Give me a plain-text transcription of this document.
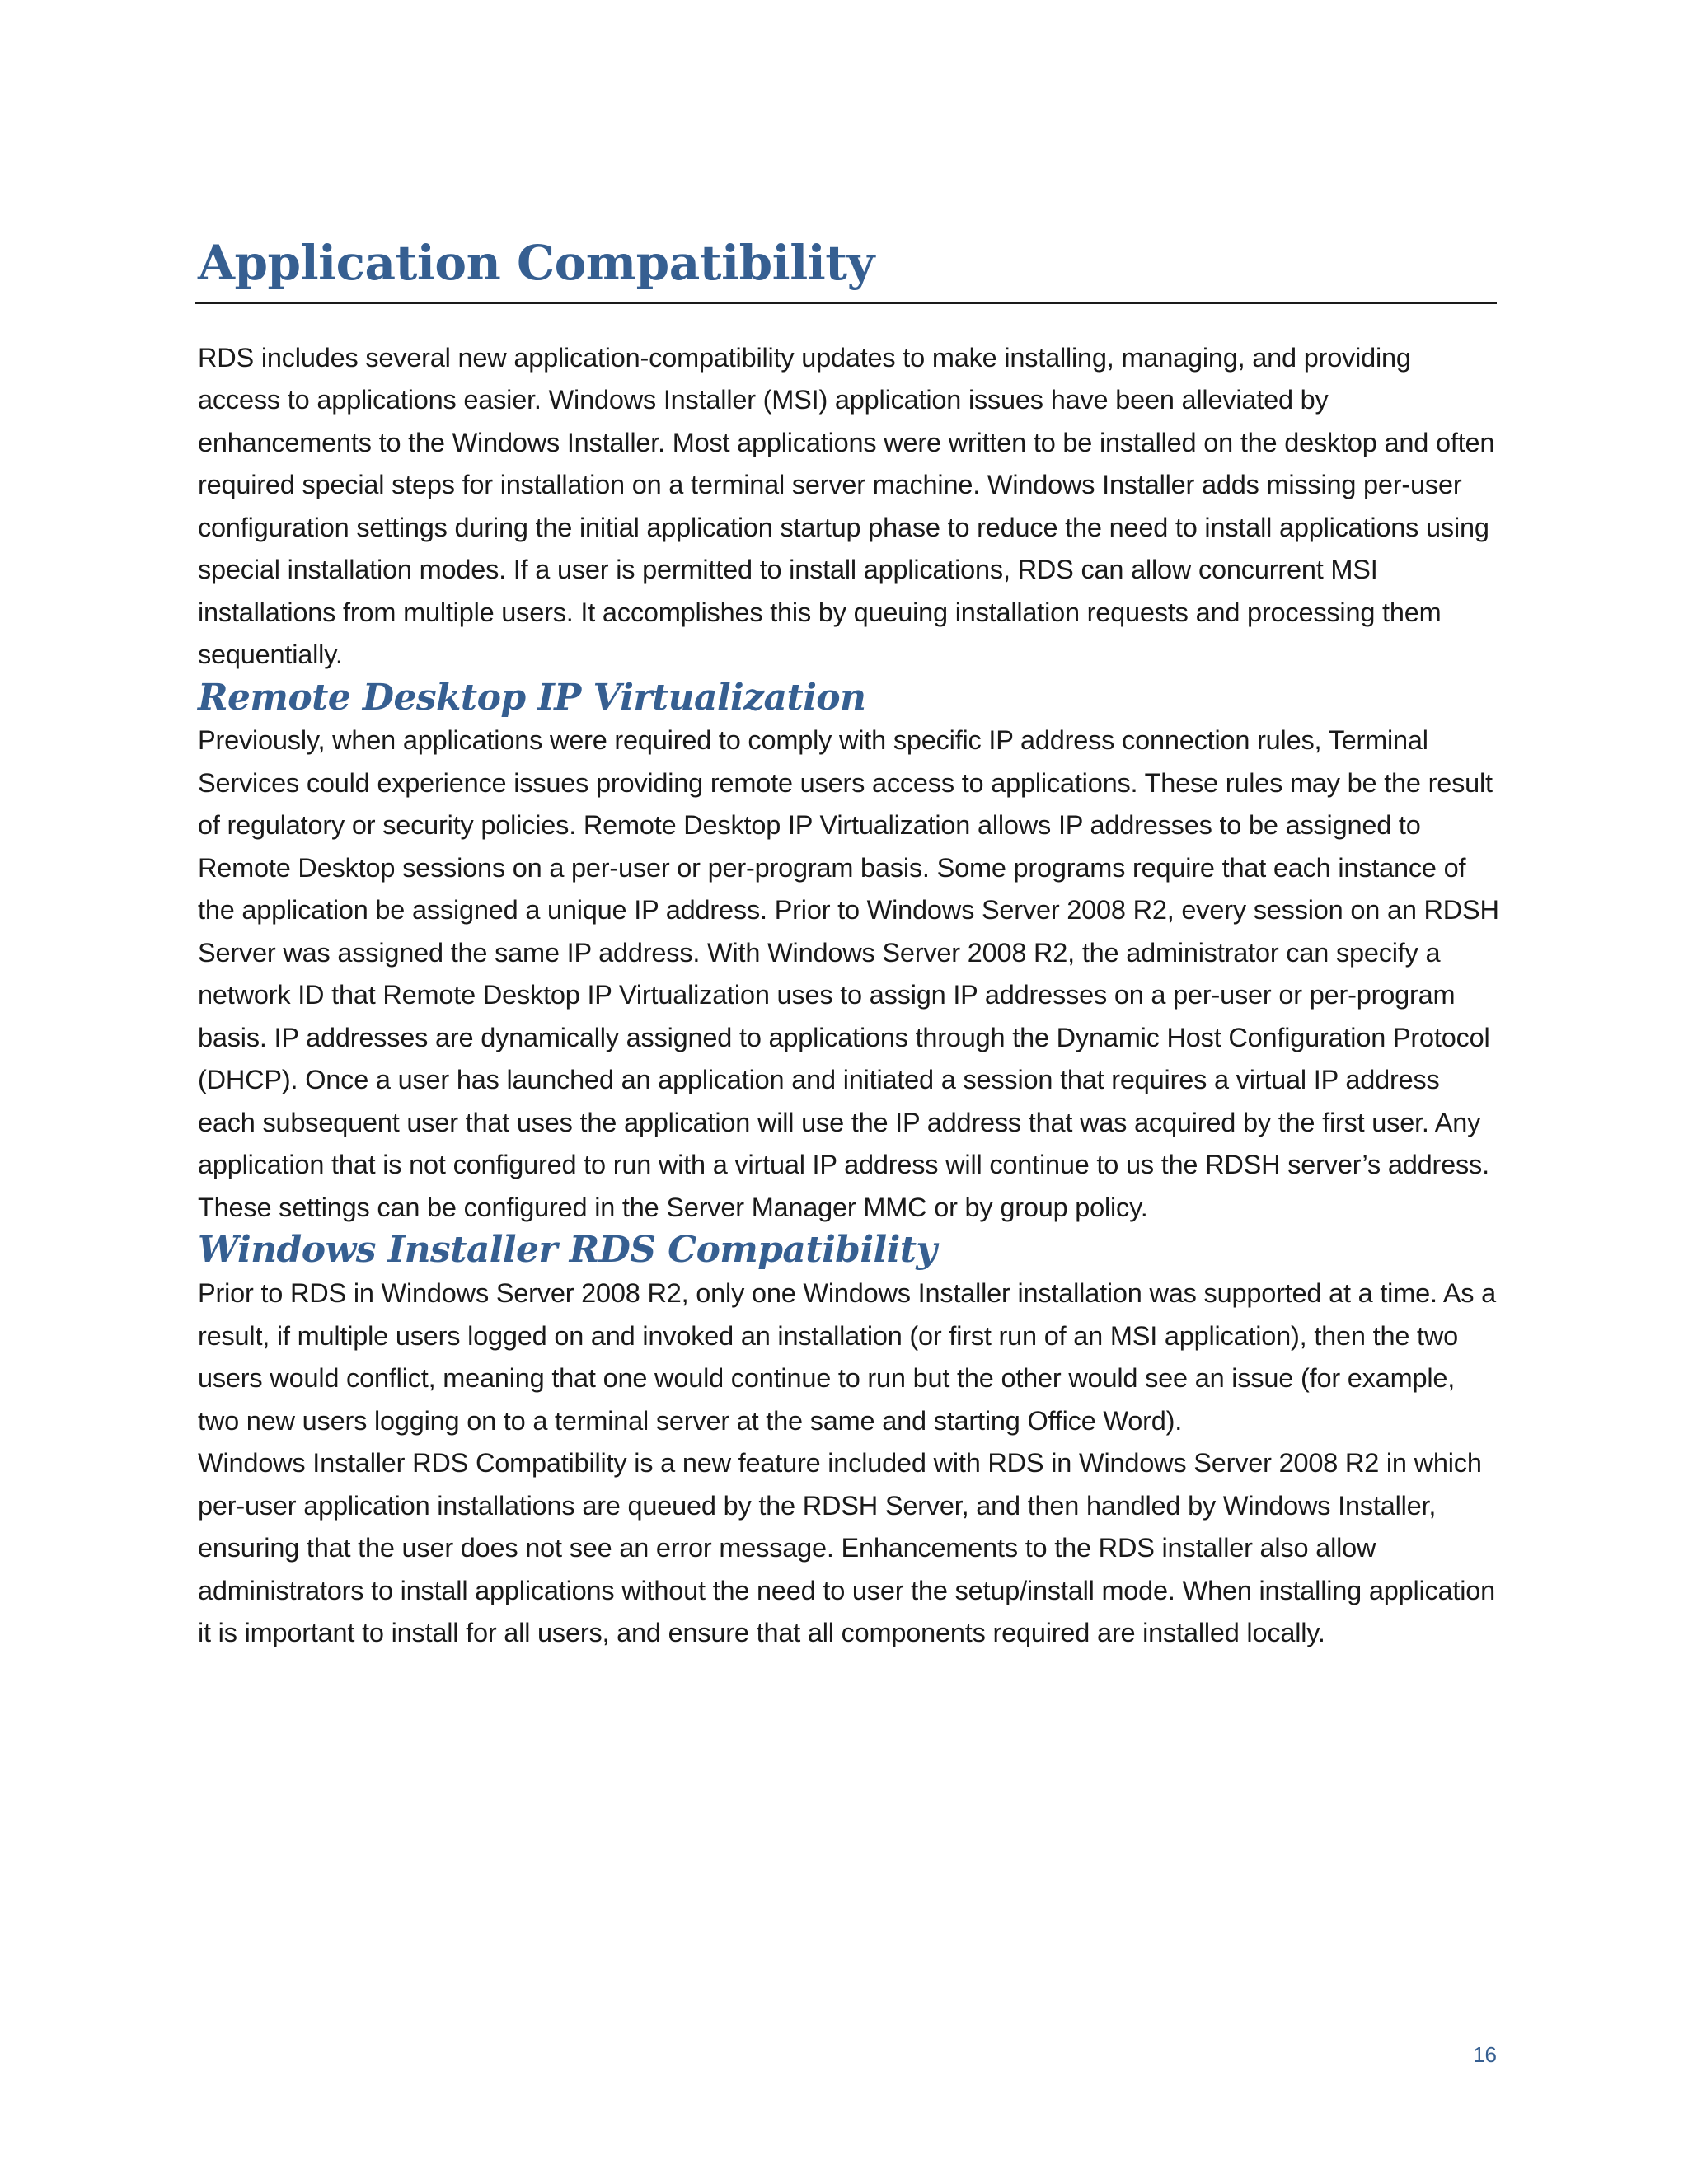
Application Compatibility

RDS includes several new application-compatibility updates to make installing, managing, and providing access to applications easier. Windows Installer (MSI) application issues have been alleviated by enhancements to the Windows Installer. Most applications were written to be installed on the desktop and often required special steps for installation on a terminal server machine. Windows Installer adds missing per-user configuration settings during the initial application startup phase to reduce the need to install applications using special installation modes. If a user is permitted to install applications, RDS can allow concurrent MSI installations from multiple users. It accomplishes this by queuing installation requests and processing them sequentially.

Remote Desktop IP Virtualization

Previously, when applications were required to comply with specific IP address connection rules, Terminal Services could experience issues providing remote users access to applications. These rules may be the result of regulatory or security policies. Remote Desktop IP Virtualization allows IP addresses to be assigned to Remote Desktop sessions on a per-user or per-program basis. Some programs require that each instance of the application be assigned a unique IP address. Prior to Windows Server 2008 R2, every session on an RDSH Server was assigned the same IP address. With Windows Server 2008 R2, the administrator can specify a network ID that Remote Desktop IP Virtualization uses to assign IP addresses on a per-user or per-program basis. IP addresses are dynamically assigned to applications through the Dynamic Host Configuration Protocol (DHCP). Once a user has launched an application and initiated a session that requires a virtual IP address each subsequent user that uses the application will use the IP address that was acquired by the first user. Any application that is not configured to run with a virtual IP address will continue to us the RDSH server’s address. These settings can be configured in the Server Manager MMC or by group policy.

Windows Installer RDS Compatibility

Prior to RDS in Windows Server 2008 R2, only one Windows Installer installation was supported at a time. As a result, if multiple users logged on and invoked an installation (or first run of an MSI application), then the two users would conflict, meaning that one would continue to run but the other would see an issue (for example, two new users logging on to a terminal server at the same and starting Office Word).

Windows Installer RDS Compatibility is a new feature included with RDS in Windows Server 2008 R2 in which per-user application installations are queued by the RDSH Server, and then handled by Windows Installer, ensuring that the user does not see an error message. Enhancements to the RDS installer also allow administrators to install applications without the need to user the setup/install mode. When installing application it is important to install for all users, and ensure that all components required are installed locally.

16
